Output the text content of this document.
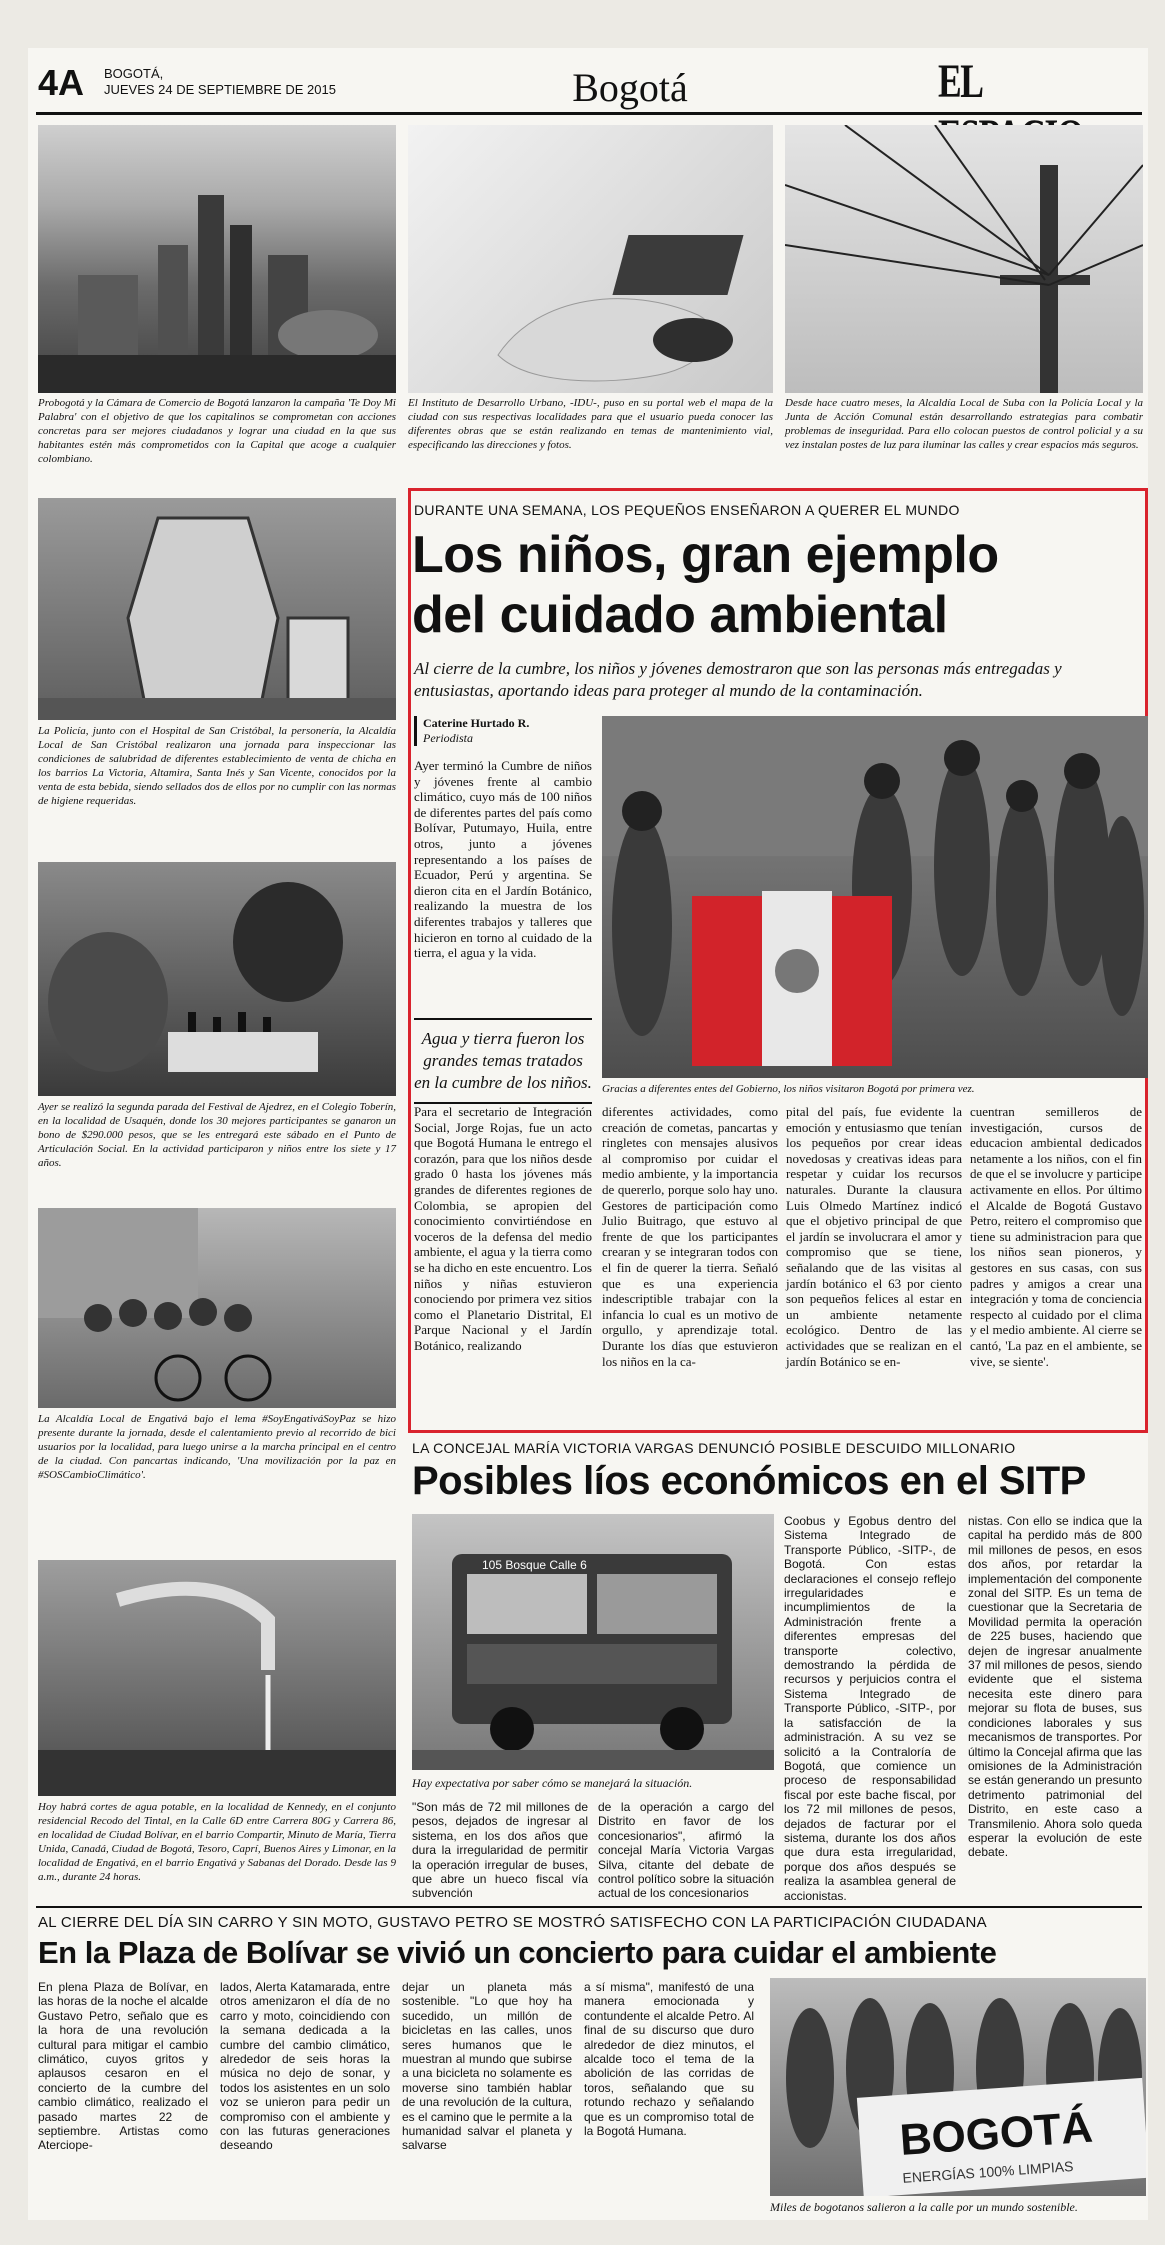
4A BOGOTÁ,
JUEVES 24 DE SEPTIEMBRE DE 2015	Bogotá	EL
Probogotá y la Cámara de Comercio de Bogotá lanzaron la campaña 'Te Doy Mi Palabra' con el objetivo de que los capitalinos se comprometan con acciones concretas para ser mejores ciudadanos y lograr una ciudad en la que sus habitantes estén más comprometidos con la Capital que acoge a cualquier colombiano.
El Instituto de Desarrollo Urbano, -IDU-, puso en su portal web el mapa de la ciudad con sus respectivas localidades para que el usuario pueda conocer las diferentes obras que se están realizando en temas de mantenimiento vial, especificando las direcciones y fotos.
Desde hace cuatro meses, la Alcaldía Local de Suba con la Policía Local y la Junta de Acción Comunal están desarrollando estrategias para combatir problemas de inseguridad. Para ello colocan puestos de control policial y a su vez instalan postes de luz para iluminar las calles y crear espacios más seguros.
La Policía, junto con el Hospital de San Cristóbal, la personería, la Alcaldía Local de San Cristóbal realizaron una jornada para inspeccionar las condiciones de salubridad de diferentes establecimiento de venta de chicha en los barrios La Victoria, Altamira, Santa Inés y San Vicente, conocidos por la venta de esta bebida, siendo sellados dos de ellos por no cumplir con las normas de higiene requeridas.
Ayer se realizó la segunda parada del Festival de Ajedrez, en el Colegio Toberín, en la localidad de Usaquén, donde los 30 mejores participantes se ganaron un bono de $290.000 pesos, que se les entregará este sábado en el Punto de Articulación Social. En la actividad participaron y niños entre los siete y 17 años.
La Alcaldía Local de Engativá bajo el lema #SoyEngativáSoyPaz se hizo presente durante la jornada, desde el calentamiento previo al recorrido de bici usuarios por la localidad, para luego unirse a la marcha principal en el centro de la ciudad. Con pancartas indicando, 'Una movilización por la paz en #SOSCambioClimático'.
Hoy habrá cortes de agua potable, en la localidad de Kennedy, en el conjunto residencial Recodo del Tintal, en la Calle 6D entre Carrera 80G y Carrera 86, en localidad de Ciudad Bolívar, en el barrio Compartir, Minuto de María, Tierra Unida, Canadá, Ciudad de Bogotá, Tesoro, Caprí, Buenos Aires y Limonar, en la localidad de Engativá, en el barrio Engativá y Sabanas del Dorado. Desde las 9 a.m., durante 24 horas.
DURANTE UNA SEMANA, LOS PEQUEÑOS ENSEÑARON A QUERER EL MUNDO
Los niños, gran ejemplo
del cuidado ambiental
Al cierre de la cumbre, los niños y jóvenes demostraron que son las personas más entregadas y entusiastas, aportando ideas para proteger al mundo de la contaminación.
Caterine Hurtado R.
Periodista
Ayer terminó la Cumbre de niños y jóvenes frente al cambio climático, cuyo más de 100 niños de diferentes partes del país como Bolívar, Putumayo, Huila, entre otros, junto a jóvenes representando a los países de Ecuador, Perú y argentina. Se dieron cita en el Jardín Botánico, realizando la muestra de los diferentes trabajos y talleres que hicieron en torno al cuidado de la tierra, el agua y la vida.
Agua y tierra fueron los grandes temas tratados en la cumbre de los niños. Gracias a diferentes entes del Gobierno, los niños visitaron Bogotá por primera vez.
Para el secretario de Integración Social, Jorge Rojas, fue un acto que Bogotá Humana le entrego el corazón, para que los niños desde grado 0 hasta los jóvenes más grandes de diferentes regiones de Colombia, se apropien del conocimiento convirtiéndose en voceros de la defensa del medio ambiente, el agua y la tierra como se ha dicho en este encuentro. Los niños y niñas estuvieron conociendo por primera vez sitios como el Planetario Distrital, El Parque Nacional y el Jardín Botánico, realizando
diferentes actividades, como creación de cometas, pancartas y ringletes con mensajes alusivos al compromiso por cuidar el medio ambiente, y la importancia de quererlo, porque solo hay uno. Gestores de participación como Julio Buitrago, que estuvo al frente de que los participantes crearan y se integraran todos con el fin de querer la tierra. Señaló que es una experiencia indescriptible trabajar con la infancia lo cual es un motivo de orgullo, y aprendizaje total. Durante los días que estuvieron los niños en la ca-
pital del país, fue evidente la emoción y entusiasmo que tenían los pequeños por crear ideas novedosas y creativas ideas para respetar y cuidar los recursos naturales. Durante la clausura Luis Olmedo Martínez indicó que el objetivo principal de que el jardín se involucrara el amor y compromiso que se tiene, señalando que de las visitas al jardín botánico el 63 por ciento son pequeños felices al estar en un ambiente netamente ecológico. Dentro de las actividades que se realizan en el jardín Botánico se en-
cuentran semilleros de investigación, cursos de educacion ambiental dedicados netamente a los niños, con el fin de que el se involucre y participe activamente en ellos. Por último el Alcalde de Bogotá Gustavo Petro, reitero el compromiso que tiene su administracion para que los niños sean pioneros, y gestores en sus casas, con sus padres y amigos a crear una integración y toma de conciencia respecto al cuidado por el clima y el medio ambiente. Al cierre se cantó, 'La paz en el ambiente, se vive, se siente'.
LA CONCEJAL MARÍA VICTORIA VARGAS DENUNCIÓ POSIBLE DESCUIDO MILLONARIO
Posibles líos económicos en el SITP
105 Bosque Calle 6
Hay expectativa por saber cómo se manejará la situación.
"Son más de 72 mil millones de pesos, dejados de ingresar al sistema, en los dos años que dura la irregularidad de permitir la operación irregular de buses, que abre un hueco fiscal vía subvención
de la operación a cargo del Distrito en favor de los concesionarios", afirmó la concejal María Victoria Vargas Silva, citante del debate de control político sobre la situación actual de los concesionarios
Coobus y Egobus dentro del Sistema Integrado de Transporte Público, -SITP-, de Bogotá. Con estas declaraciones el consejo reflejo irregularidades e incumplimientos de la Administración frente a diferentes empresas del transporte colectivo, demostrando la pérdida de recursos y perjuicios contra el Sistema Integrado de Transporte Público, -SITP-, por la satisfacción de la administración. A su vez se solicitó a la Contraloría de Bogotá, que comience un proceso de responsabilidad fiscal por este bache fiscal, por los 72 mil millones de pesos, dejados de facturar por el sistema, durante los dos años que dura esta irregularidad, porque dos años después se realiza la asamblea general de accionistas.
nistas. Con ello se indica que la capital ha perdido más de 800 mil millones de pesos, en esos dos años, por retardar la implementación del componente zonal del SITP. Es un tema de cuestionar que la Secretaria de Movilidad permita la operación de 225 buses, haciendo que dejen de ingresar anualmente 37 mil millones de pesos, siendo evidente que el sistema necesita este dinero para mejorar su flota de buses, sus condiciones laborales y sus mecanismos de transportes. Por último la Concejal afirma que las omisiones de la Administración se están generando un presunto detrimento patrimonial del Distrito, en este caso a Transmilenio. Ahora solo queda esperar la evolución de este debate.
AL CIERRE DEL DÍA SIN CARRO Y SIN MOTO, GUSTAVO PETRO SE MOSTRÓ SATISFECHO CON LA PARTICIPACIÓN CIUDADANA
En la Plaza de Bolívar se vivió un concierto para cuidar el ambiente
En plena Plaza de Bolívar, en las horas de la noche el alcalde Gustavo Petro, señalo que es la hora de una revolución cultural para mitigar el cambio climático, cuyos gritos y aplausos cesaron en el concierto de la cumbre del cambio climático, realizado el pasado martes 22 de septiembre. Artistas como Aterciope-
lados, Alerta Katamarada, entre otros amenizaron el día de no carro y moto, coincidiendo con la semana dedicada a la cumbre del cambio climático, alrededor de seis horas la música no dejo de sonar, y todos los asistentes en un solo voz se unieron para pedir un compromiso con el ambiente y con las futuras generaciones deseando
dejar un planeta más sostenible. "Lo que hoy ha sucedido, un millón de bicicletas en las calles, unos seres humanos que le muestran al mundo que subirse a una bicicleta no solamente es moverse sino también hablar de una revolución de la cultura, es el camino que le permite a la humanidad salvar el planeta y salvarse
a sí misma", manifestó de una manera emocionada y contundente el alcalde Petro. Al final de su discurso que duro alrededor de diez minutos, el alcalde toco el tema de la abolición de las corridas de toros, señalando que su rotundo rechazo y señalando que es un compromiso total de la Bogotá Humana.	BOGOTÁ
ENERGÍAS 100% LIMPIAS
Miles de bogotanos salieron a la calle por un mundo sostenible.
